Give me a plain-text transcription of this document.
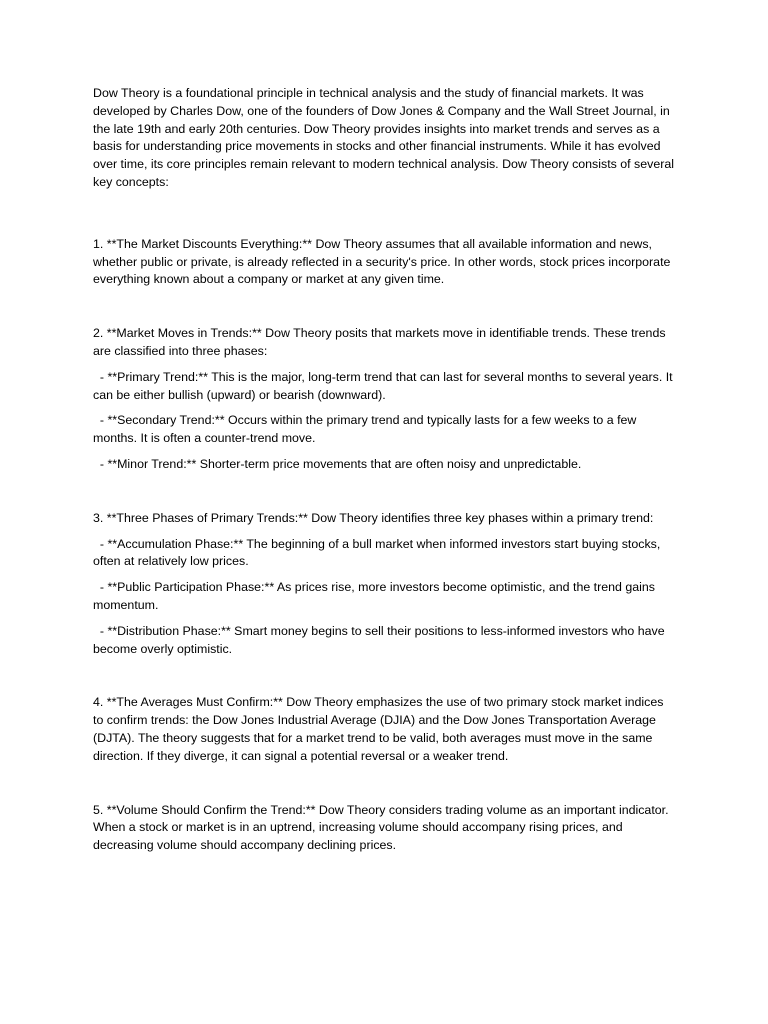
Dow Theory is a foundational principle in technical analysis and the study of financial markets. It was developed by Charles Dow, one of the founders of Dow Jones & Company and the Wall Street Journal, in the late 19th and early 20th centuries. Dow Theory provides insights into market trends and serves as a basis for understanding price movements in stocks and other financial instruments. While it has evolved over time, its core principles remain relevant to modern technical analysis. Dow Theory consists of several key concepts:

1. **The Market Discounts Everything:** Dow Theory assumes that all available information and news, whether public or private, is already reflected in a security's price. In other words, stock prices incorporate everything known about a company or market at any given time.

2. **Market Moves in Trends:** Dow Theory posits that markets move in identifiable trends. These trends are classified into three phases:

- **Primary Trend:** This is the major, long-term trend that can last for several months to several years. It can be either bullish (upward) or bearish (downward).

- **Secondary Trend:** Occurs within the primary trend and typically lasts for a few weeks to a few months. It is often a counter-trend move.

- **Minor Trend:** Shorter-term price movements that are often noisy and unpredictable.

3. **Three Phases of Primary Trends:** Dow Theory identifies three key phases within a primary trend:

- **Accumulation Phase:** The beginning of a bull market when informed investors start buying stocks, often at relatively low prices.

- **Public Participation Phase:** As prices rise, more investors become optimistic, and the trend gains momentum.

- **Distribution Phase:** Smart money begins to sell their positions to less-informed investors who have become overly optimistic.

4. **The Averages Must Confirm:** Dow Theory emphasizes the use of two primary stock market indices to confirm trends: the Dow Jones Industrial Average (DJIA) and the Dow Jones Transportation Average (DJTA). The theory suggests that for a market trend to be valid, both averages must move in the same direction. If they diverge, it can signal a potential reversal or a weaker trend.

5. **Volume Should Confirm the Trend:** Dow Theory considers trading volume as an important indicator. When a stock or market is in an uptrend, increasing volume should accompany rising prices, and decreasing volume should accompany declining prices.
